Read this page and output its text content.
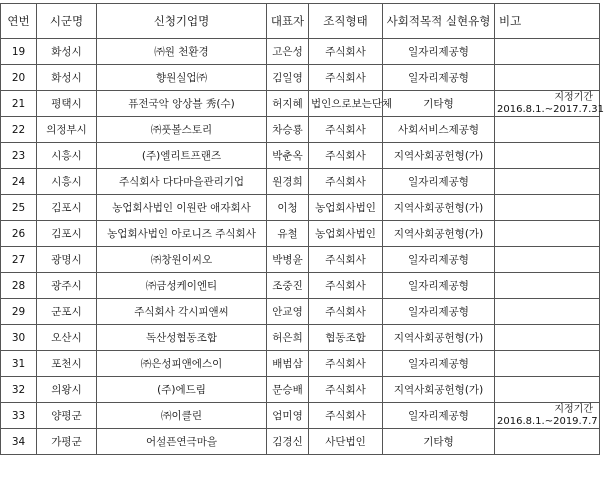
연번	시군명	신청기업명	대표자	조직형태	사회적목적 실현유형	비고
19	화성시	㈜원 천환경	고은성	주식회사	일자리제공형	
20	화성시	향원실업㈜	김일영	주식회사	일자리제공형	
21	평택시	퓨전국악 앙상블 秀(수)	허지혜	법인으로보는단체	기타형	지정기간 2016.8.1.~2017.7.31
22	의정부시	㈜풋볼스토리	차승룡	주식회사	사회서비스제공형	
23	시흥시	(주)엘리트프랜즈	박춘옥	주식회사	지역사회공헌형(가)	
24	시흥시	주식회사 다다마을관리기업	원경희	주식회사	일자리제공형	
25	김포시	농업회사법인 이원란 애자회사	이청	농업회사법인	지역사회공헌형(가)	
26	김포시	농업회사법인 아로니즈 주식회사	유철	농업회사법인	지역사회공헌형(가)	
27	광명시	㈜창원이씨오	박병윤	주식회사	일자리제공형	
28	광주시	㈜금성케이엔티	조중진	주식회사	일자리제공형	
29	군포시	주식회사 각시피앤씨	안교영	주식회사	일자리제공형	
30	오산시	독산성협동조합	허은희	협동조합	지역사회공헌형(가)	
31	포천시	㈜은성피앤에스이	배범삼	주식회사	일자리제공형	
32	의왕시	(주)에드림	문승배	주식회사	지역사회공헌형(가)	
33	양평군	㈜이클린	엄미영	주식회사	일자리제공형	지정기간 2016.8.1.~2019.7.7
34	가평군	어설픈연극마을	김경신	사단법인	기타형	
